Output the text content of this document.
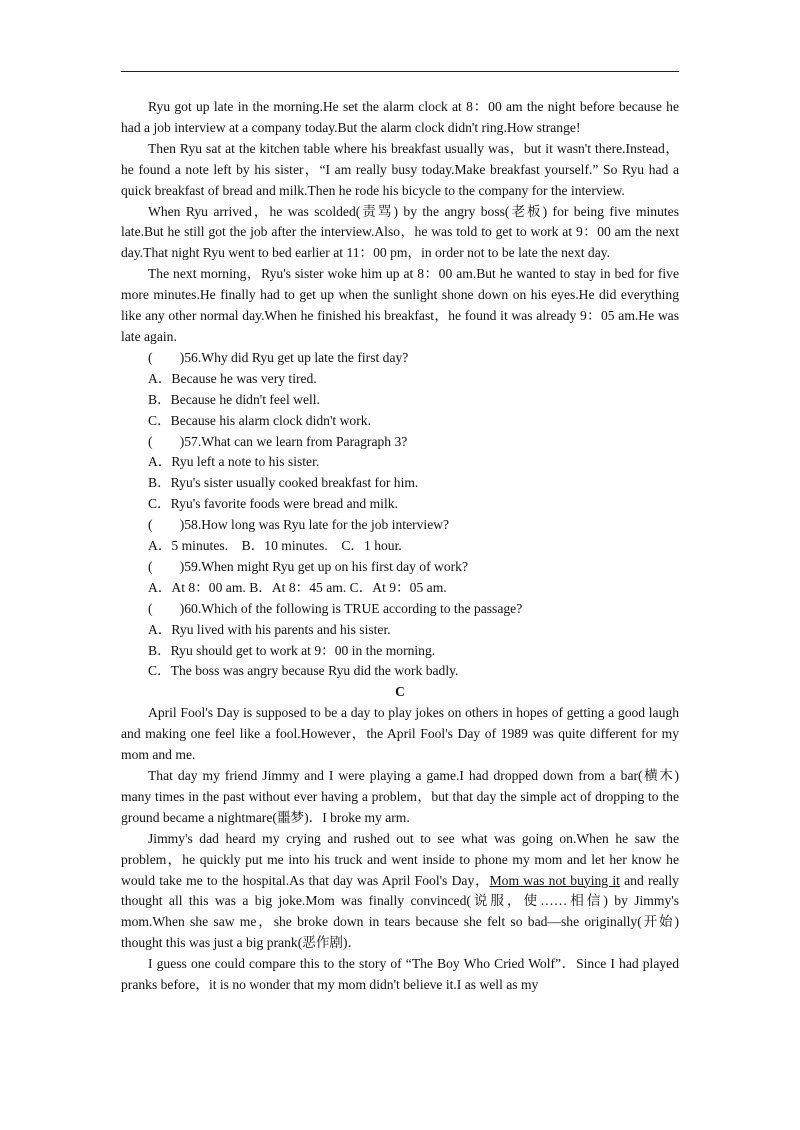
Ryu got up late in the morning.He set the alarm clock at 8：00 am the night before because he had a job interview at a company today.But the alarm clock didn't ring.How strange!

Then Ryu sat at the kitchen table where his breakfast usually was，but it wasn't there.Instead，he found a note left by his sister，“I am really busy today.Make breakfast yourself.” So Ryu had a quick breakfast of bread and milk.Then he rode his bicycle to the company for the interview.

When Ryu arrived，he was scolded(责骂) by the angry boss(老板) for being five minutes late.But he still got the job after the interview.Also，he was told to get to work at 9：00 am the next day.That night Ryu went to bed earlier at 11：00 pm，in order not to be late the next day.

The next morning，Ryu's sister woke him up at 8：00 am.But he wanted to stay in bed for five more minutes.He finally had to get up when the sunlight shone down on his eyes.He did everything like any other normal day.When he finished his breakfast，he found it was already 9：05 am.He was late again.

(　　)56.Why did Ryu get up late the first day?

A．Because he was very tired.

B．Because he didn't feel well.

C．Because his alarm clock didn't work.

(　　)57.What can we learn from Paragraph 3?

A．Ryu left a note to his sister.

B．Ryu's sister usually cooked breakfast for him.

C．Ryu's favorite foods were bread and milk.

(　　)58.How long was Ryu late for the job interview?

A．5 minutes.　B．10 minutes.　C．1 hour.

(　　)59.When might Ryu get up on his first day of work?

A．At 8：00 am. B．At 8：45 am. C．At 9：05 am.

(　　)60.Which of the following is TRUE according to the passage?

A．Ryu lived with his parents and his sister.

B．Ryu should get to work at 9：00 in the morning.

C．The boss was angry because Ryu did the work badly.

C

April Fool's Day is supposed to be a day to play jokes on others in hopes of getting a good laugh and making one feel like a fool.However，the April Fool's Day of 1989 was quite different for my mom and me.

That day my friend Jimmy and I were playing a game.I had dropped down from a bar(横木) many times in the past without ever having a problem，but that day the simple act of dropping to the ground became a nightmare(噩梦)．I broke my arm.

Jimmy's dad heard my crying and rushed out to see what was going on.When he saw the problem，he quickly put me into his truck and went inside to phone my mom and let her know he would take me to the hospital.As that day was April Fool's Day，Mom was not buying it and really thought all this was a big joke.Mom was finally convinced(说服，使……相信) by Jimmy's mom.When she saw me，she broke down in tears because she felt so bad—she originally(开始) thought this was just a big prank(恶作剧)．

I guess one could compare this to the story of “The Boy Who Cried Wolf”．Since I had played pranks before，it is no wonder that my mom didn't believe it.I as well as my
